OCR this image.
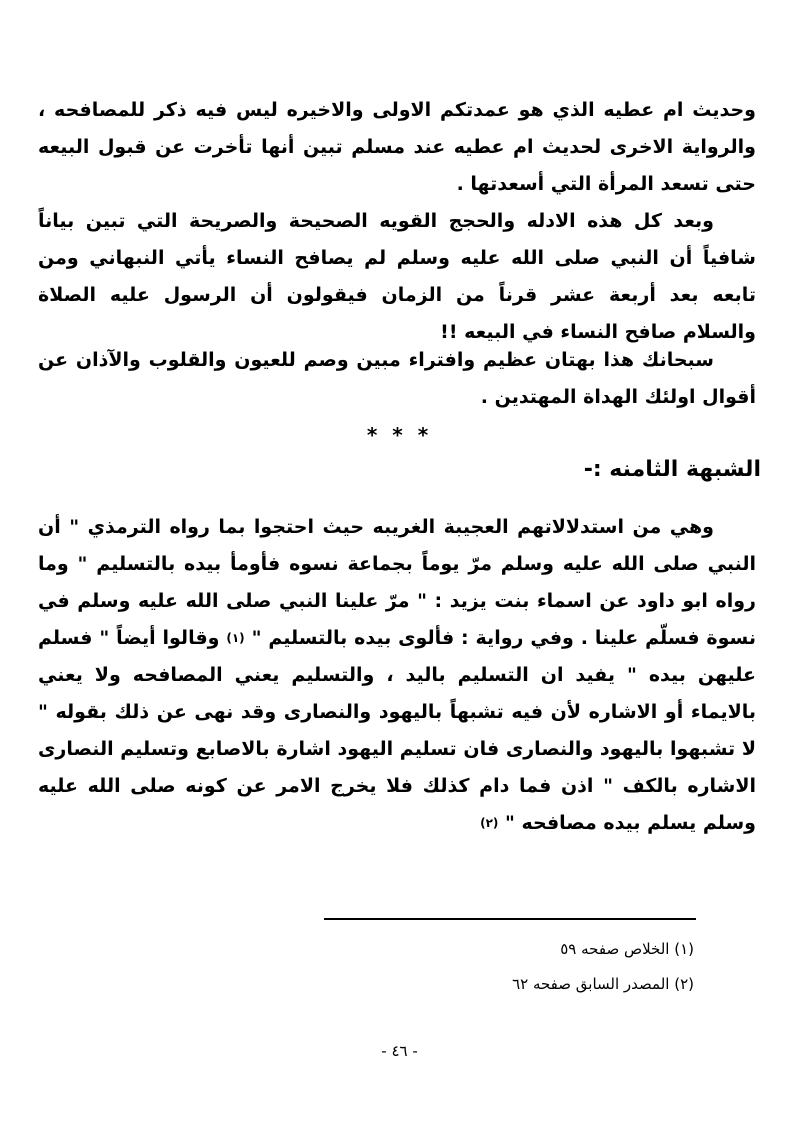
وحديث ام عطيه الذي هو عمدتكم الاولى والاخيره ليس فيه ذكر للمصافحه ، والرواية الاخرى لحديث ام عطيه عند مسلم تبين أنها تأخرت عن قبول البيعه حتى تسعد المرأة التي أسعدتها .

وبعد كل هذه الادله والحجج القويه الصحيحة والصريحة التي تبين بياناً شافياً أن النبي صلى الله عليه وسلم لم يصافح النساء يأتي النبهاني ومن تابعه بعد أربعة عشر قرناً من الزمان فيقولون أن الرسول عليه الصلاة والسلام صافح النساء في البيعه !!

سبحانك هذا بهتان عظيم وافتراء مبين وصم للعيون والقلوب والآذان عن أقوال اولئك الهداة المهتدين .

* * *

الشبهة الثامنه :-

وهي من استدلالاتهم العجيبة الغريبه حيث احتجوا بما رواه الترمذي " أن النبي صلى الله عليه وسلم مرّ يوماً بجماعة نسوه فأومأ بيده بالتسليم " وما رواه ابو داود عن اسماء بنت يزيد : " مرّ علينا النبي صلى الله عليه وسلم في نسوة فسلّم علينا . وفي رواية : فألوى بيده بالتسليم " (١) وقالوا أيضاً " فسلم عليهن بيده " يفيد ان التسليم باليد ، والتسليم يعني المصافحه ولا يعني بالايماء أو الاشاره لأن فيه تشبهاً باليهود والنصارى وقد نهى عن ذلك بقوله " لا تشبهوا باليهود والنصارى فان تسليم اليهود اشارة بالاصابع وتسليم النصارى الاشاره بالكف " اذن فما دام كذلك فلا يخرج الامر عن كونه صلى الله عليه وسلم يسلم بيده مصافحه " (٢)

(١) الخلاص صفحه ٥٩
(٢) المصدر السابق صفحه ٦٢

- ٤٦ -
